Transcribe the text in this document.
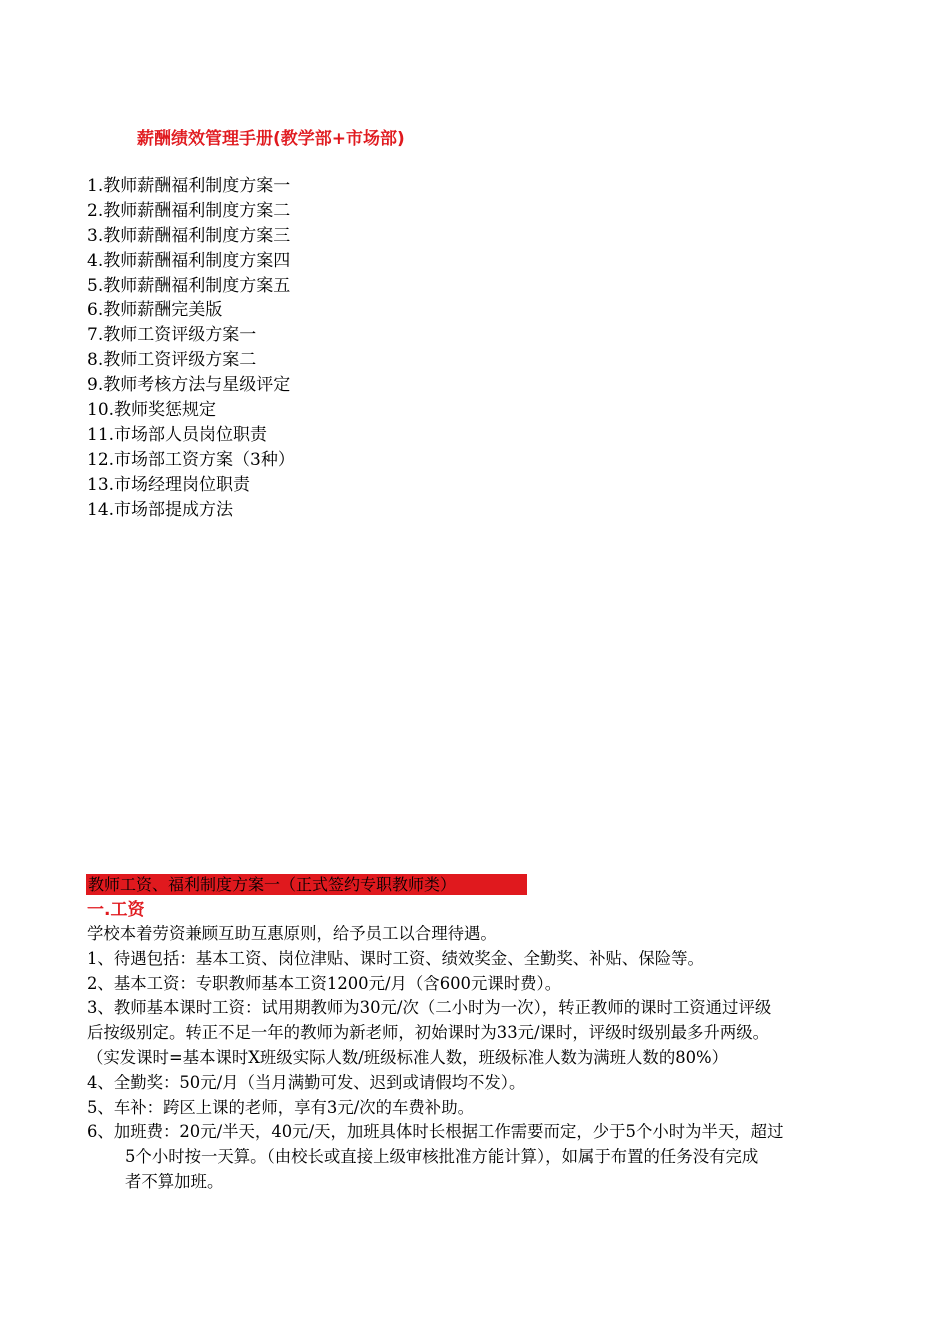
薪酬绩效管理手册(教学部+市场部)
1.教师薪酬福利制度方案一
2.教师薪酬福利制度方案二
3.教师薪酬福利制度方案三
4.教师薪酬福利制度方案四
5.教师薪酬福利制度方案五
6.教师薪酬完美版
7.教师工资评级方案一
8.教师工资评级方案二
9.教师考核方法与星级评定
10.教师奖惩规定
11.市场部人员岗位职责
12.市场部工资方案（3种）
13.市场经理岗位职责
14.市场部提成方法
教师工资、福利制度方案一（正式签约专职教师类）
一.工资

学校本着劳资兼顾互助互惠原则，给予员工以合理待遇。

1、待遇包括：基本工资、岗位津贴、课时工资、绩效奖金、全勤奖、补贴、保险等。

2、基本工资：专职教师基本工资1200元/月（含600元课时费）。

3、教师基本课时工资：试用期教师为30元/次（二小时为一次），转正教师的课时工资通过评级

后按级别定。转正不足一年的教师为新老师，初始课时为33元/课时，评级时级别最多升两级。

（实发课时=基本课时X班级实际人数/班级标准人数，班级标准人数为满班人数的80%）

4、全勤奖：50元/月（当月满勤可发、迟到或请假均不发）。

5、车补：跨区上课的老师，享有3元/次的车费补助。

6、加班费：20元/半天，40元/天，加班具体时长根据工作需要而定，少于5个小时为半天，超过

5个小时按一天算。（由校长或直接上级审核批准方能计算），如属于布置的任务没有完成

者不算加班。
